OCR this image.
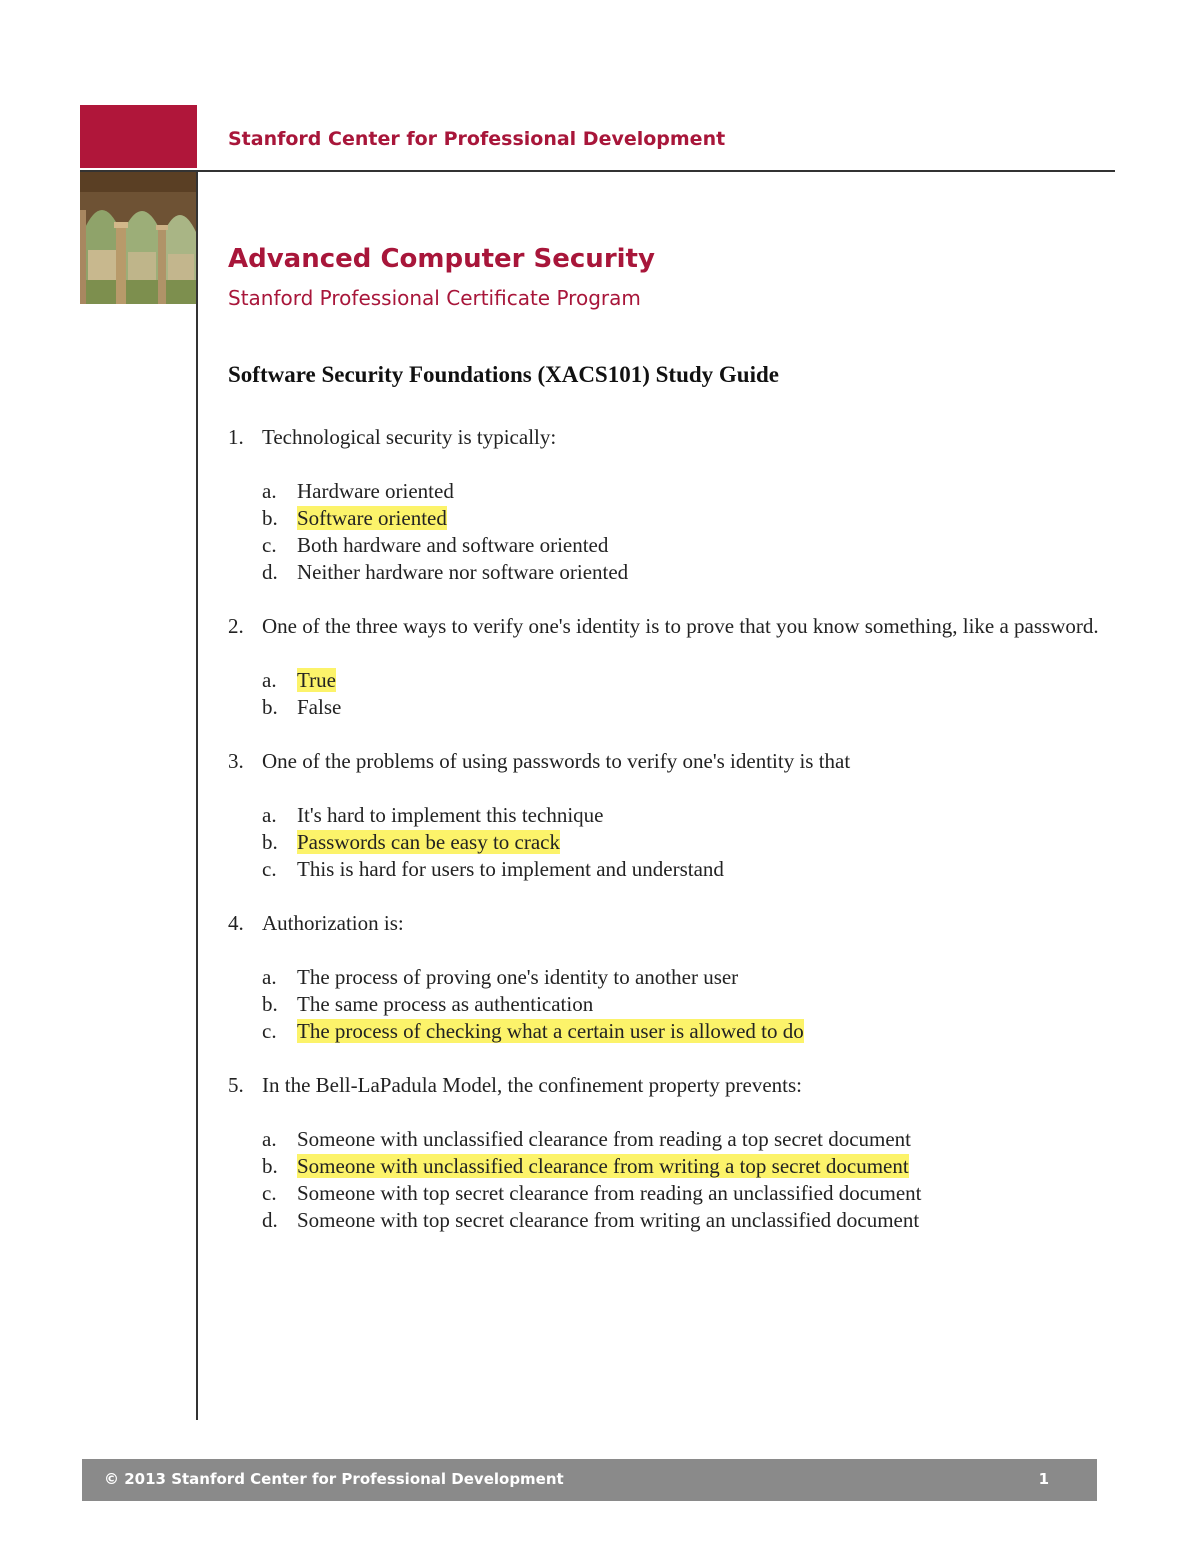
Stanford Center for Professional Development
Advanced Computer Security
Stanford Professional Certificate Program
Software Security Foundations (XACS101) Study Guide
1. Technological security is typically:
a. Hardware oriented
b. Software oriented
c. Both hardware and software oriented
d. Neither hardware nor software oriented
2. One of the three ways to verify one's identity is to prove that you know something, like a password.
a. True
b. False
3. One of the problems of using passwords to verify one's identity is that
a. It's hard to implement this technique
b. Passwords can be easy to crack
c. This is hard for users to implement and understand
4. Authorization is:
a. The process of proving one's identity to another user
b. The same process as authentication
c. The process of checking what a certain user is allowed to do
5. In the Bell-LaPadula Model, the confinement property prevents:
a. Someone with unclassified clearance from reading a top secret document
b. Someone with unclassified clearance from writing a top secret document
c. Someone with top secret clearance from reading an unclassified document
d. Someone with top secret clearance from writing an unclassified document
© 2013 Stanford Center for Professional Development	1
